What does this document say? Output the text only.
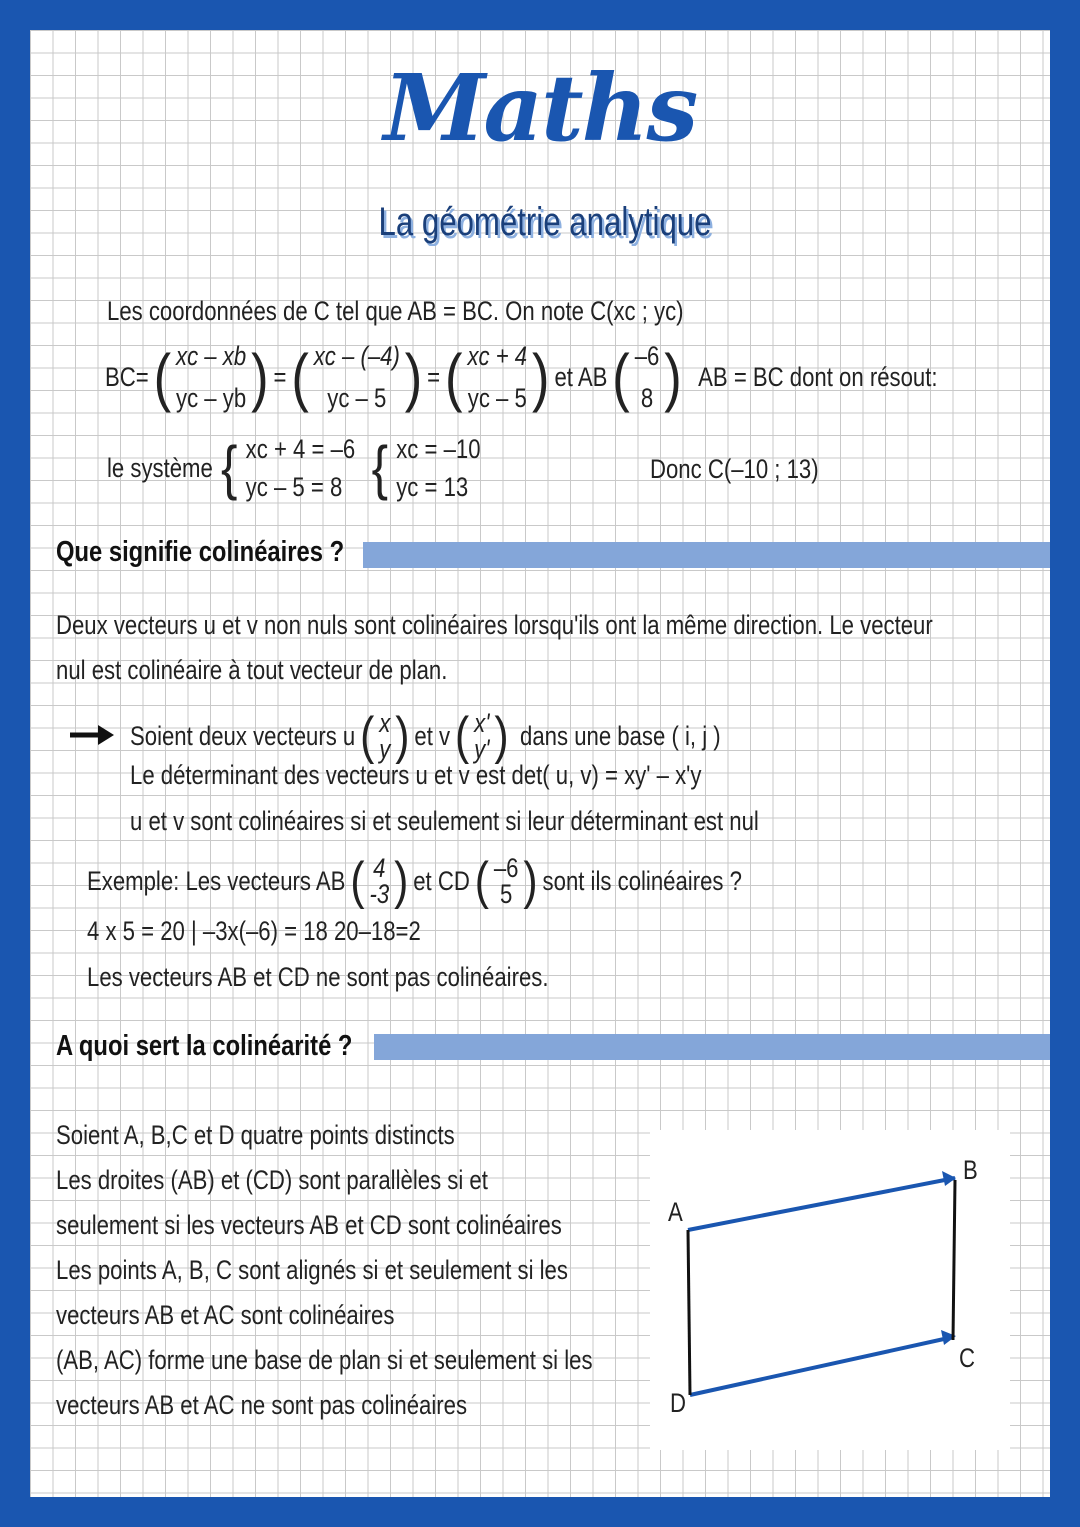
Maths
La géométrie analytique
Les coordonnées de C tel que AB = BC. On note C(xc ; yc)
BC= ( xc – xb
yc – yb ) = ( xc – (–4)
yc – 5 ) = ( xc + 4
yc – 5 ) et AB ( –6
8 ) AB = BC dont on résout:
le système { xc + 4 = –6
yc – 5 = 8 { xc = –10
yc = 13
Donc C(–10 ; 13)
Que signifie colinéaires ?
Deux vecteurs u et v non nuls sont colinéaires lorsqu'ils ont la même direction. Le vecteur
nul est colinéaire à tout vecteur de plan.
Soient deux vecteurs u ( x
y ) et v ( x'
y' ) dans une base ( i, j )
Le déterminant des vecteurs u et v est det( u, v) = xy' – x'y
u et v sont colinéaires si et seulement si leur déterminant est nul
Exemple: Les vecteurs AB ( 4
-3 ) et CD ( –6
5 ) sont ils colinéaires ?
4 x 5 = 20 | –3x(–6) = 18 20–18=2
Les vecteurs AB et CD ne sont pas colinéaires.
A quoi sert la colinéarité ?
Soient A, B,C et D quatre points distincts
Les droites (AB) et (CD) sont parallèles si et
seulement si les vecteurs AB et CD sont colinéaires
Les points A, B, C sont alignés si et seulement si les
vecteurs AB et AC sont colinéaires
(AB, AC) forme une base de plan si et seulement si les
vecteurs AB et AC ne sont pas colinéaires
A
B
C
D
